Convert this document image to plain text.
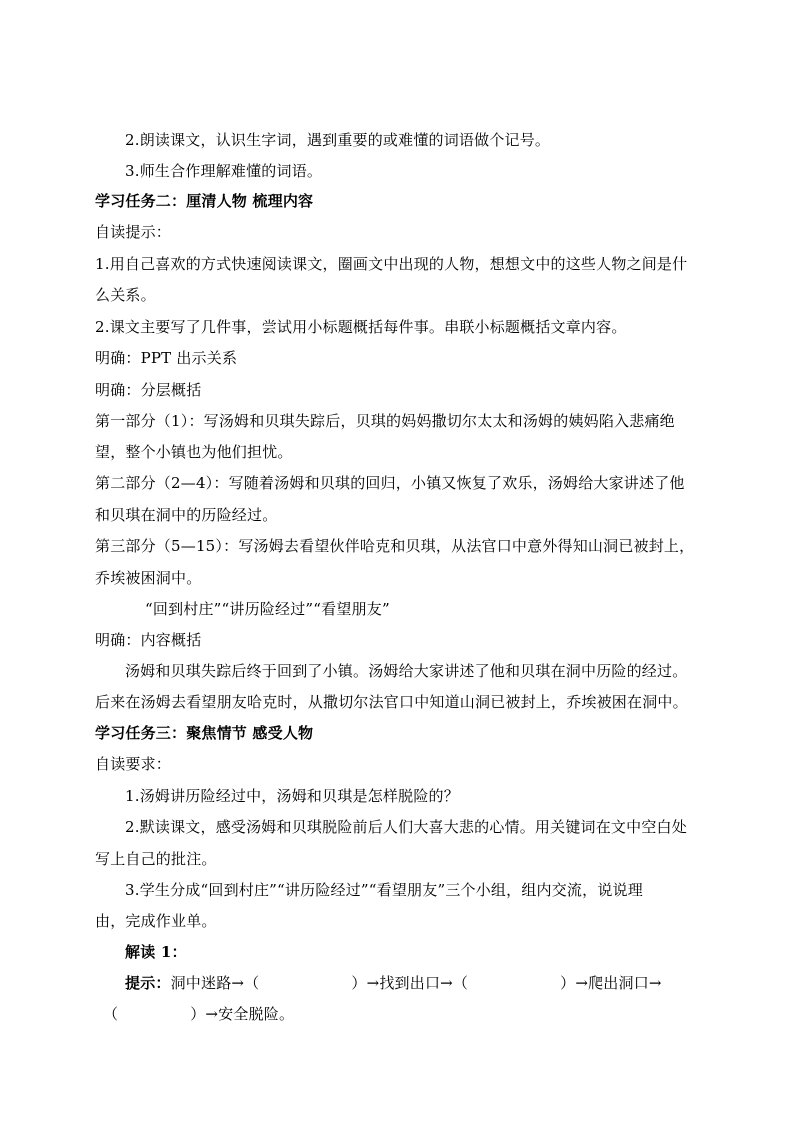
2.朗读课文，认识生字词，遇到重要的或难懂的词语做个记号。
3.师生合作理解难懂的词语。
学习任务二：厘清人物 梳理内容
自读提示：
1.用自己喜欢的方式快速阅读课文，圈画文中出现的人物，想想文中的这些人物之间是什
么关系。
2.课文主要写了几件事，尝试用小标题概括每件事。串联小标题概括文章内容。
明确：PPT 出示关系
明确：分层概括
第一部分（1）：写汤姆和贝琪失踪后，贝琪的妈妈撒切尔太太和汤姆的姨妈陷入悲痛绝
望，整个小镇也为他们担忧。
第二部分（2—4）：写随着汤姆和贝琪的回归，小镇又恢复了欢乐，汤姆给大家讲述了他
和贝琪在洞中的历险经过。
第三部分（5—15）：写汤姆去看望伙伴哈克和贝琪，从法官口中意外得知山洞已被封上，
乔埃被困洞中。
“回到村庄”“讲历险经过”“看望朋友”
明确：内容概括
汤姆和贝琪失踪后终于回到了小镇。汤姆给大家讲述了他和贝琪在洞中历险的经过。
后来在汤姆去看望朋友哈克时，从撒切尔法官口中知道山洞已被封上，乔埃被困在洞中。
学习任务三：聚焦情节 感受人物
自读要求：
1.汤姆讲历险经过中，汤姆和贝琪是怎样脱险的？
2.默读课文，感受汤姆和贝琪脱险前后人们大喜大悲的心情。用关键词在文中空白处
写上自己的批注。
3.学生分成“回到村庄”“讲历险经过”“看望朋友”三个小组，组内交流，说说理
由，完成作业单。
解读 1：
提示：洞中迷路→（	）→找到出口→（	）→爬出洞口→
（	）→安全脱险。
